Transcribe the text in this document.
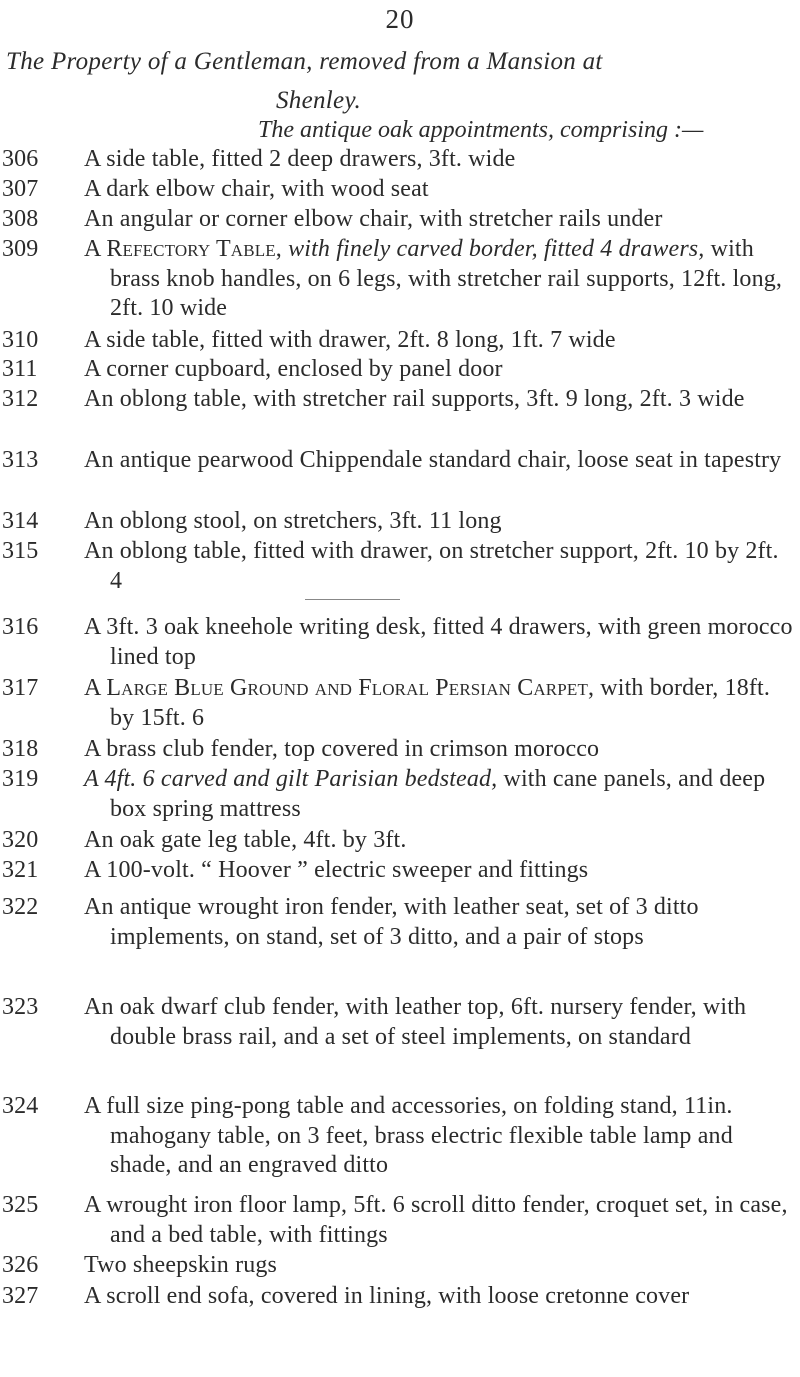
20
The Property of a Gentleman, removed from a Mansion at
Shenley.
The antique oak appointments, comprising :—
306	A side table, fitted 2 deep drawers, 3ft. wide
307	A dark elbow chair, with wood seat
308	An angular or corner elbow chair, with stretcher rails under
309	A Refectory Table, with finely carved border, fitted 4 drawers, with brass knob handles, on 6 legs, with stretcher rail supports, 12ft. long, 2ft. 10 wide
310	A side table, fitted with drawer, 2ft. 8 long, 1ft. 7 wide
311	A corner cupboard, enclosed by panel door
312	An oblong table, with stretcher rail supports, 3ft. 9 long, 2ft. 3 wide
313	An antique pearwood Chippendale standard chair, loose seat in tapestry
314	An oblong stool, on stretchers, 3ft. 11 long
315	An oblong table, fitted with drawer, on stretcher support, 2ft. 10 by 2ft. 4
316	A 3ft. 3 oak kneehole writing desk, fitted 4 drawers, with green morocco lined top
317	A Large Blue Ground and Floral Persian Carpet, with border, 18ft. by 15ft. 6
318	A brass club fender, top covered in crimson morocco
319	A 4ft. 6 carved and gilt Parisian bedstead, with cane panels, and deep box spring mattress
320	An oak gate leg table, 4ft. by 3ft.
321	A 100-volt. “ Hoover ” electric sweeper and fittings
322	An antique wrought iron fender, with leather seat, set of 3 ditto implements, on stand, set of 3 ditto, and a pair of stops
323	An oak dwarf club fender, with leather top, 6ft. nursery fender, with double brass rail, and a set of steel implements, on standard
324	A full size ping-pong table and accessories, on folding stand, 11in. mahogany table, on 3 feet, brass electric flexible table lamp and shade, and an engraved ditto
325	A wrought iron floor lamp, 5ft. 6 scroll ditto fender, croquet set, in case, and a bed table, with fittings
326	Two sheepskin rugs
327	A scroll end sofa, covered in lining, with loose cretonne cover
